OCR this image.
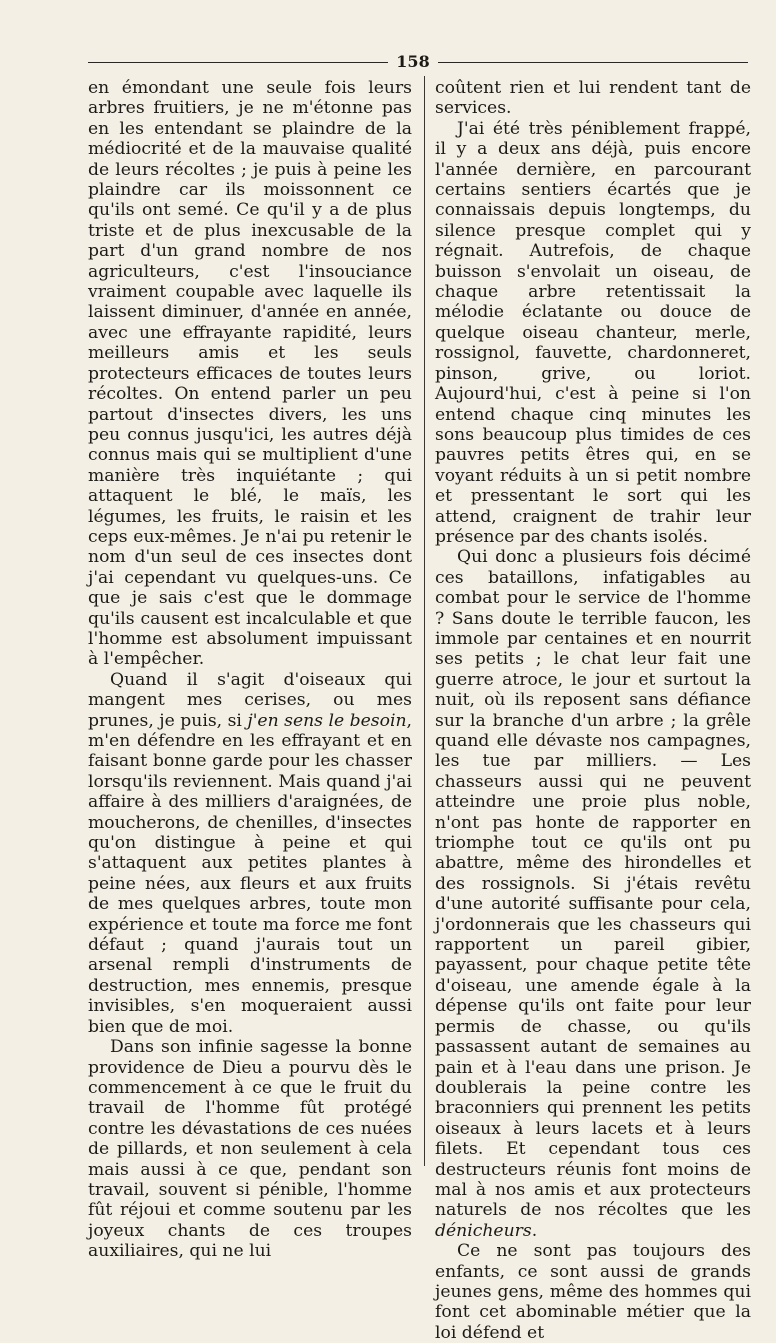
158

en émondant une seule fois leurs arbres fruitiers, je ne m'étonne pas en les entendant se plaindre de la médiocrité et de la mauvaise qualité de leurs récoltes ; je puis à peine les plaindre car ils moissonnent ce qu'ils ont semé. Ce qu'il y a de plus triste et de plus inexcusable de la part d'un grand nombre de nos agriculteurs, c'est l'insouciance vraiment coupable avec laquelle ils laissent diminuer, d'année en année, avec une effrayante rapidité, leurs meilleurs amis et les seuls protecteurs efficaces de toutes leurs récoltes. On entend parler un peu partout d'insectes divers, les uns peu connus jusqu'ici, les autres déjà connus mais qui se multiplient d'une manière très inquiétante ; qui attaquent le blé, le maïs, les légumes, les fruits, le raisin et les ceps eux-mêmes. Je n'ai pu retenir le nom d'un seul de ces insectes dont j'ai cependant vu quelques-uns. Ce que je sais c'est que le dommage qu'ils causent est incalculable et que l'homme est absolument impuissant à l'empêcher.

Quand il s'agit d'oiseaux qui mangent mes cerises, ou mes prunes, je puis, si j'en sens le besoin, m'en défendre en les effrayant et en faisant bonne garde pour les chasser lorsqu'ils reviennent. Mais quand j'ai affaire à des milliers d'araignées, de moucherons, de chenilles, d'insectes qu'on distingue à peine et qui s'attaquent aux petites plantes à peine nées, aux fleurs et aux fruits de mes quelques arbres, toute mon expérience et toute ma force me font défaut ; quand j'aurais tout un arsenal rempli d'instruments de destruction, mes ennemis, presque invisibles, s'en moqueraient aussi bien que de moi.

Dans son infinie sagesse la bonne providence de Dieu a pourvu dès le commencement à ce que le fruit du travail de l'homme fût protégé contre les dévastations de ces nuées de pillards, et non seulement à cela mais aussi à ce que, pendant son travail, souvent si pénible, l'homme fût réjoui et comme soutenu par les joyeux chants de ces troupes auxiliaires, qui ne lui

coûtent rien et lui rendent tant de services.

J'ai été très péniblement frappé, il y a deux ans déjà, puis encore l'année dernière, en parcourant certains sentiers écartés que je connaissais depuis longtemps, du silence presque complet qui y régnait. Autrefois, de chaque buisson s'envolait un oiseau, de chaque arbre retentissait la mélodie éclatante ou douce de quelque oiseau chanteur, merle, rossignol, fauvette, chardonneret, pinson, grive, ou loriot. Aujourd'hui, c'est à peine si l'on entend chaque cinq minutes les sons beaucoup plus timides de ces pauvres petits êtres qui, en se voyant réduits à un si petit nombre et pressentant le sort qui les attend, craignent de trahir leur présence par des chants isolés.

Qui donc a plusieurs fois décimé ces bataillons, infatigables au combat pour le service de l'homme ? Sans doute le terrible faucon, les immole par centaines et en nourrit ses petits ; le chat leur fait une guerre atroce, le jour et surtout la nuit, où ils reposent sans défiance sur la branche d'un arbre ; la grêle quand elle dévaste nos campagnes, les tue par milliers. — Les chasseurs aussi qui ne peuvent atteindre une proie plus noble, n'ont pas honte de rapporter en triomphe tout ce qu'ils ont pu abattre, même des hirondelles et des rossignols. Si j'étais revêtu d'une autorité suffisante pour cela, j'ordonnerais que les chasseurs qui rapportent un pareil gibier, payassent, pour chaque petite tête d'oiseau, une amende égale à la dépense qu'ils ont faite pour leur permis de chasse, ou qu'ils passassent autant de semaines au pain et à l'eau dans une prison. Je doublerais la peine contre les braconniers qui prennent les petits oiseaux à leurs lacets et à leurs filets. Et cependant tous ces destructeurs réunis font moins de mal à nos amis et aux protecteurs naturels de nos récoltes que les dénicheurs.

Ce ne sont pas toujours des enfants, ce sont aussi de grands jeunes gens, même des hommes qui font cet abominable métier que la loi défend et
